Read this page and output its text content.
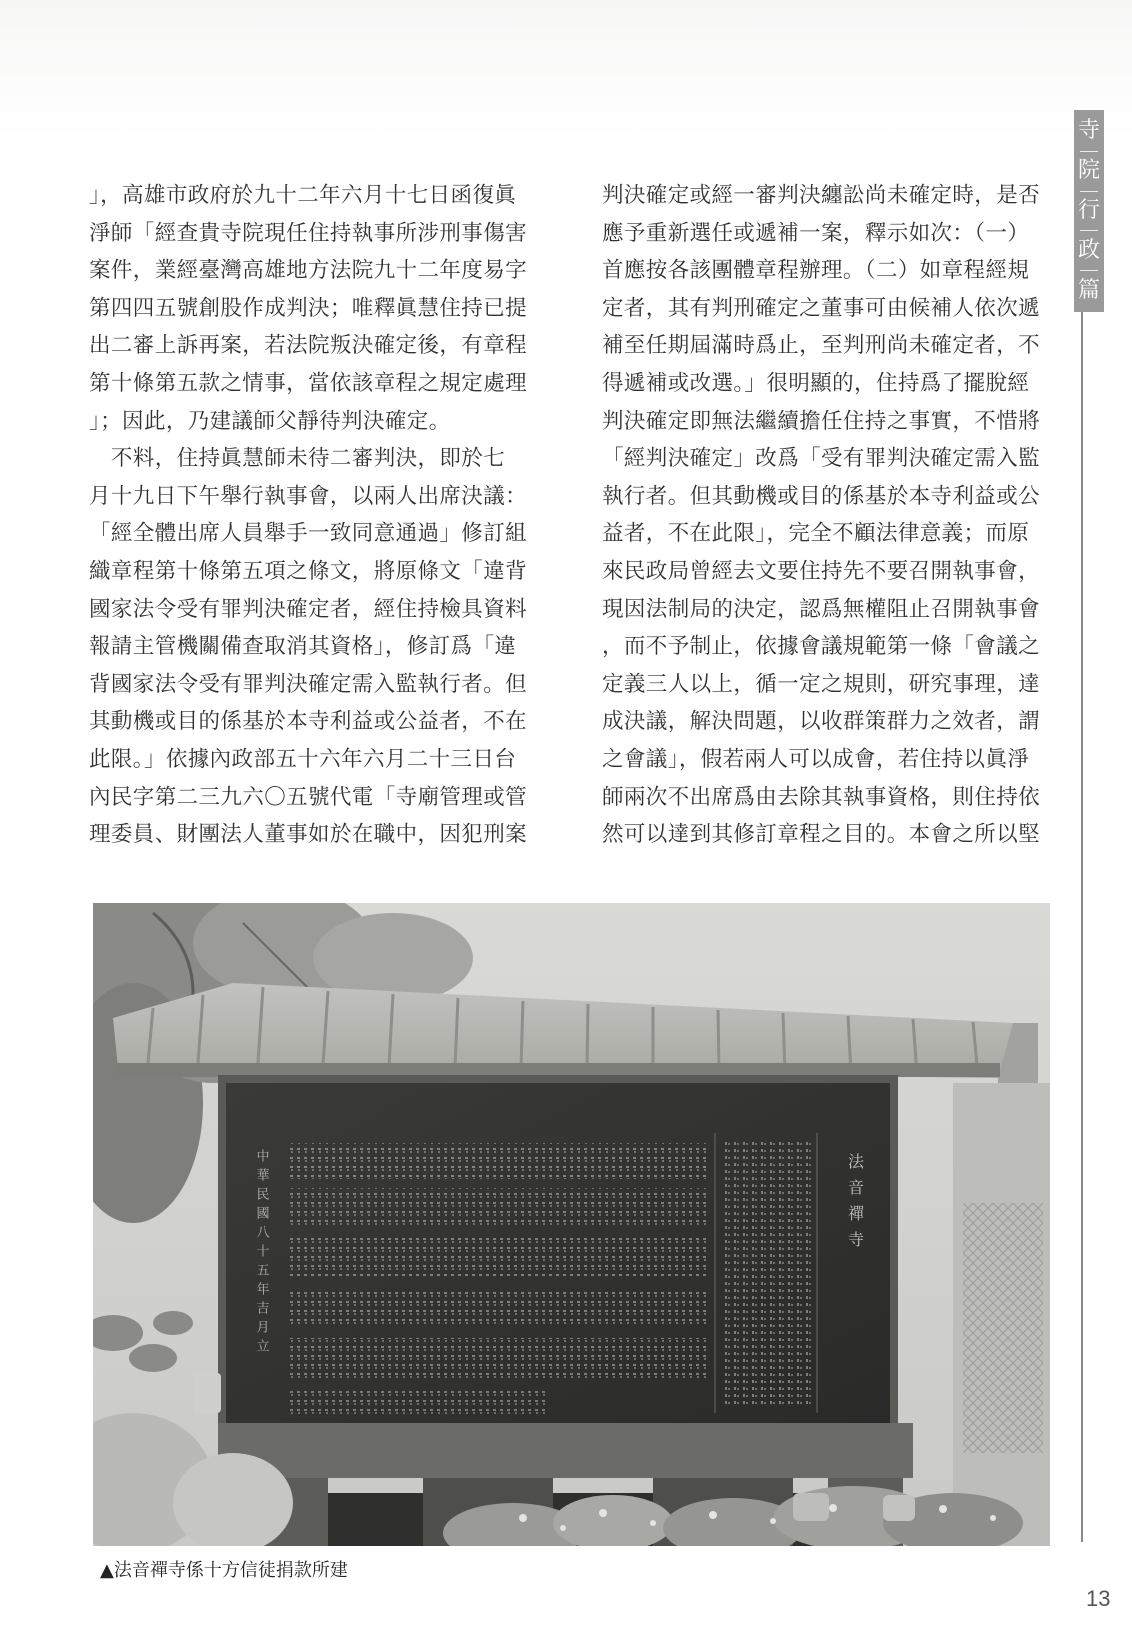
寺
院
行
政
篇
」，高雄市政府於九十二年六月十七日函復眞
淨師「經查貴寺院現任住持執事所涉刑事傷害
案件，業經臺灣高雄地方法院九十二年度易字
第四四五號創股作成判決；唯釋眞慧住持已提
出二審上訴再案，若法院叛決確定後，有章程
第十條第五款之情事，當依該章程之規定處理
」；因此，乃建議師父靜待判決確定。
　不料，住持眞慧師未待二審判決，即於七
月十九日下午舉行執事會，以兩人出席決議：
「經全體出席人員舉手一致同意通過」修訂組
織章程第十條第五項之條文，將原條文「違背
國家法令受有罪判決確定者，經住持檢具資料
報請主管機關備查取消其資格」，修訂爲「違
背國家法令受有罪判決確定需入監執行者。但
其動機或目的係基於本寺利益或公益者，不在
此限。」依據內政部五十六年六月二十三日台
內民字第二三九六〇五號代電「寺廟管理或管
理委員、財團法人董事如於在職中，因犯刑案
判決確定或經一審判決纏訟尚未確定時，是否
應予重新選任或遞補一案，釋示如次：（一）
首應按各該團體章程辦理。（二）如章程經規
定者，其有判刑確定之董事可由候補人依次遞
補至任期屆滿時爲止，至判刑尚未確定者，不
得遞補或改選。」很明顯的，住持爲了擺脫經
判決確定即無法繼續擔任住持之事實，不惜將
「經判決確定」改爲「受有罪判決確定需入監
執行者。但其動機或目的係基於本寺利益或公
益者，不在此限」，完全不顧法律意義；而原
來民政局曾經去文要住持先不要召開執事會，
現因法制局的決定，認爲無權阻止召開執事會
，而不予制止，依據會議規範第一條「會議之
定義三人以上，循一定之規則，研究事理，達
成決議，解決問題，以收群策群力之效者，謂
之會議」，假若兩人可以成會，若住持以眞淨
師兩次不出席爲由去除其執事資格，則住持依
然可以達到其修訂章程之目的。本會之所以堅
中華民國八十五年吉月立	法音禪寺
▲法音禪寺係十方信徒捐款所建
13
